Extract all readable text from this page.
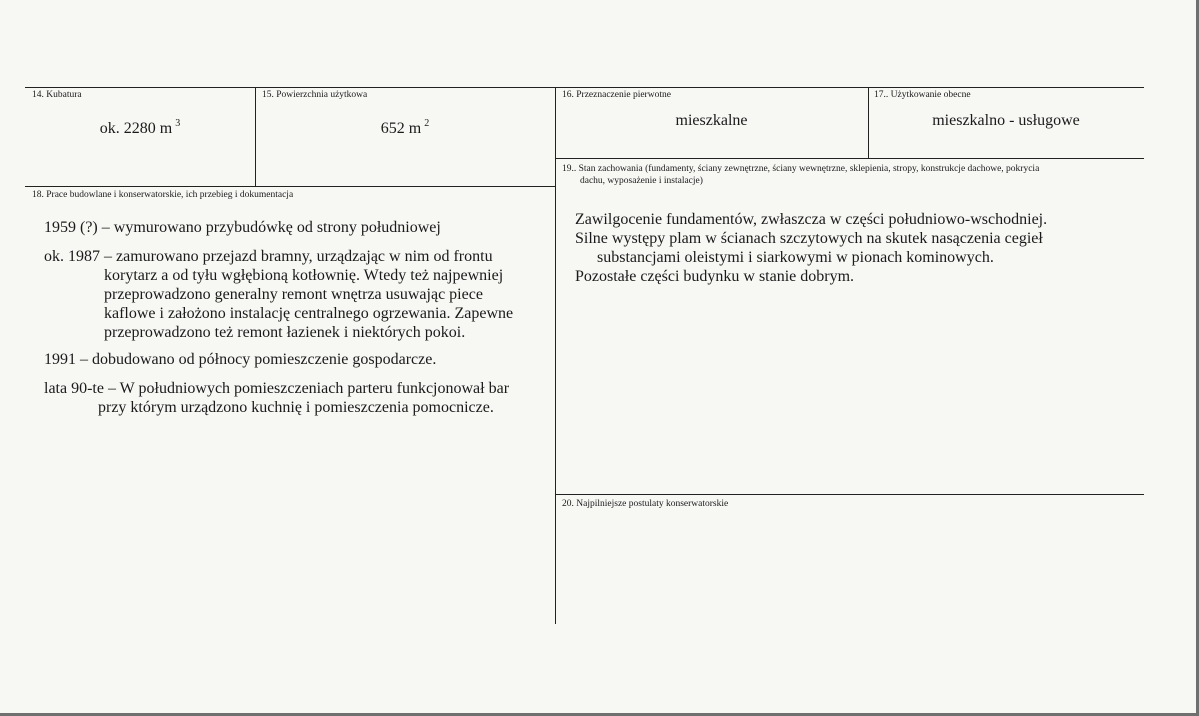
14. Kubatura
ok. 2280 m $^3$
15. Powierzchnia użytkowa
652 m $^2$
16. Przeznaczenie pierwotne
mieszkalne
17.. Użytkowanie obecne
mieszkalno - usługowe
18. Prace budowlane i konserwatorskie, ich przebieg i dokumentacja
1959 (?) – wymurowano przybudówkę od strony południowej
ok. 1987 – zamurowano przejazd bramny, urządzając w nim od frontu
korytarz a od tyłu wgłębioną kotłownię. Wtedy też najpewniej
przeprowadzono generalny remont wnętrza usuwając piece
kaflowe i założono instalację centralnego ogrzewania. Zapewne
przeprowadzono też remont łazienek i niektórych pokoi.
1991 – dobudowano od północy pomieszczenie gospodarcze.
lata 90-te – W południowych pomieszczeniach parteru funkcjonował bar
przy którym urządzono kuchnię i pomieszczenia pomocnicze.
19.. Stan zachowania (fundamenty, ściany zewnętrzne, ściany wewnętrzne, sklepienia, stropy, konstrukcje dachowe, pokrycia
dachu, wyposażenie i instalacje)
Zawilgocenie fundamentów, zwłaszcza w części południowo-wschodniej.
Silne występy plam w ścianach szczytowych na skutek nasączenia cegieł
substancjami oleistymi i siarkowymi w pionach kominowych.
Pozostałe części budynku w stanie dobrym.
20. Najpilniejsze postulaty konserwatorskie
